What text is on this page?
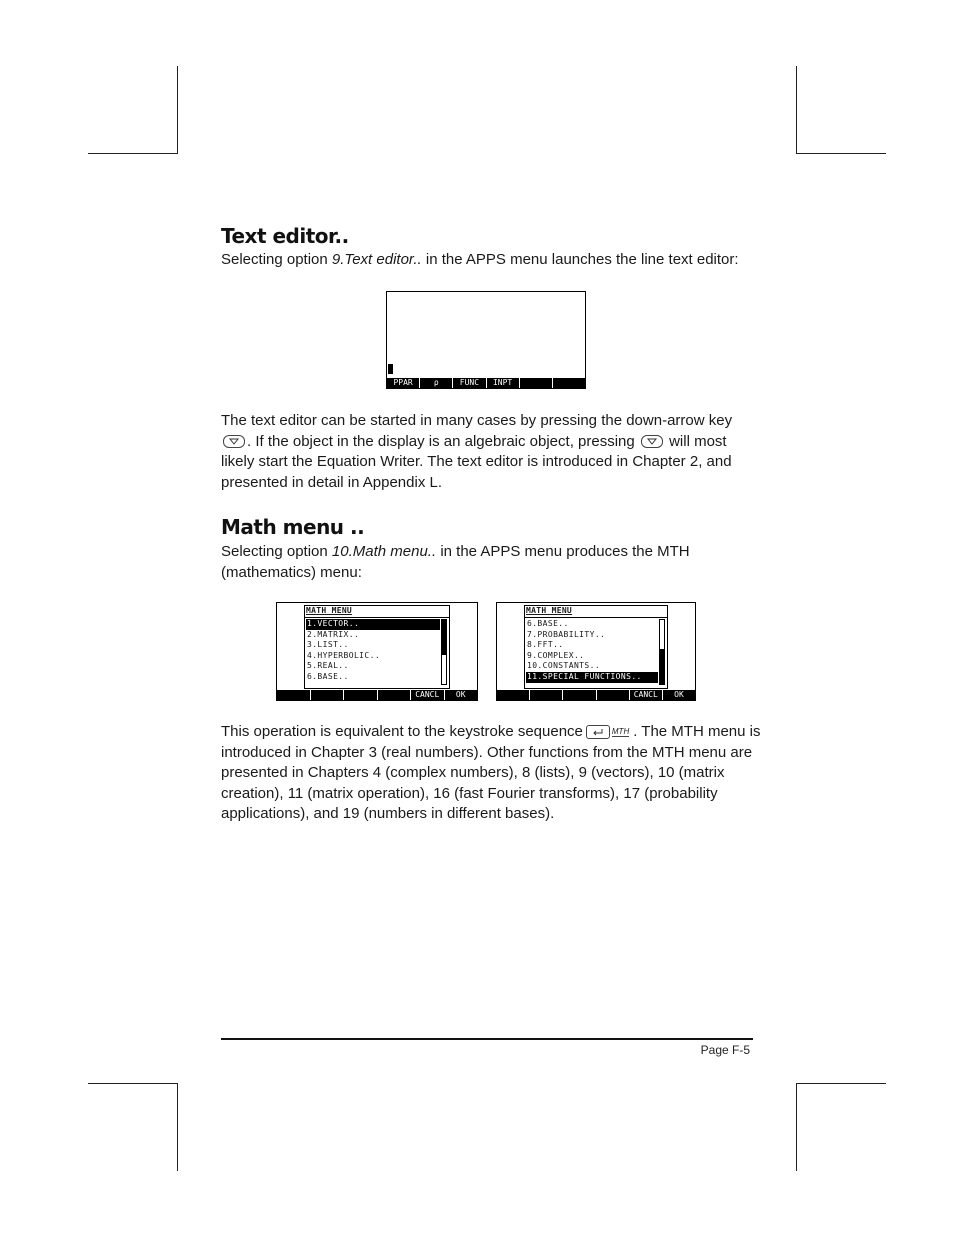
Text editor..

Selecting option 9.Text editor.. in the APPS menu launches the line text editor:

PPAR	ρ	FUNC	INPT

The text editor can be started in many cases by pressing the down-arrow key
. If the object in the display is an algebraic object, pressing will most likely start the Equation Writer. The text editor is introduced in Chapter 2, and presented in detail in Appendix L.

Math menu ..

Selecting option 10.Math menu.. in the APPS menu produces the MTH (mathematics) menu:

MATH MENU
1.VECTOR..
2.MATRIX..
3.LIST..
4.HYPERBOLIC..
5.REAL..
6.BASE..
CANCL	OK
MATH MENU
6.BASE..
7.PROBABILITY..
8.FFT..
9.COMPLEX..
10.CONSTANTS..
11.SPECIAL FUNCTIONS..
CANCL	OK

This operation is equivalent to the keystroke sequence	MTH . The MTH menu is introduced in Chapter 3 (real numbers). Other functions from the MTH menu are presented in Chapters 4 (complex numbers), 8 (lists), 9 (vectors), 10 (matrix creation), 11 (matrix operation), 16 (fast Fourier transforms), 17 (probability applications), and 19 (numbers in different bases).

Page F-5
